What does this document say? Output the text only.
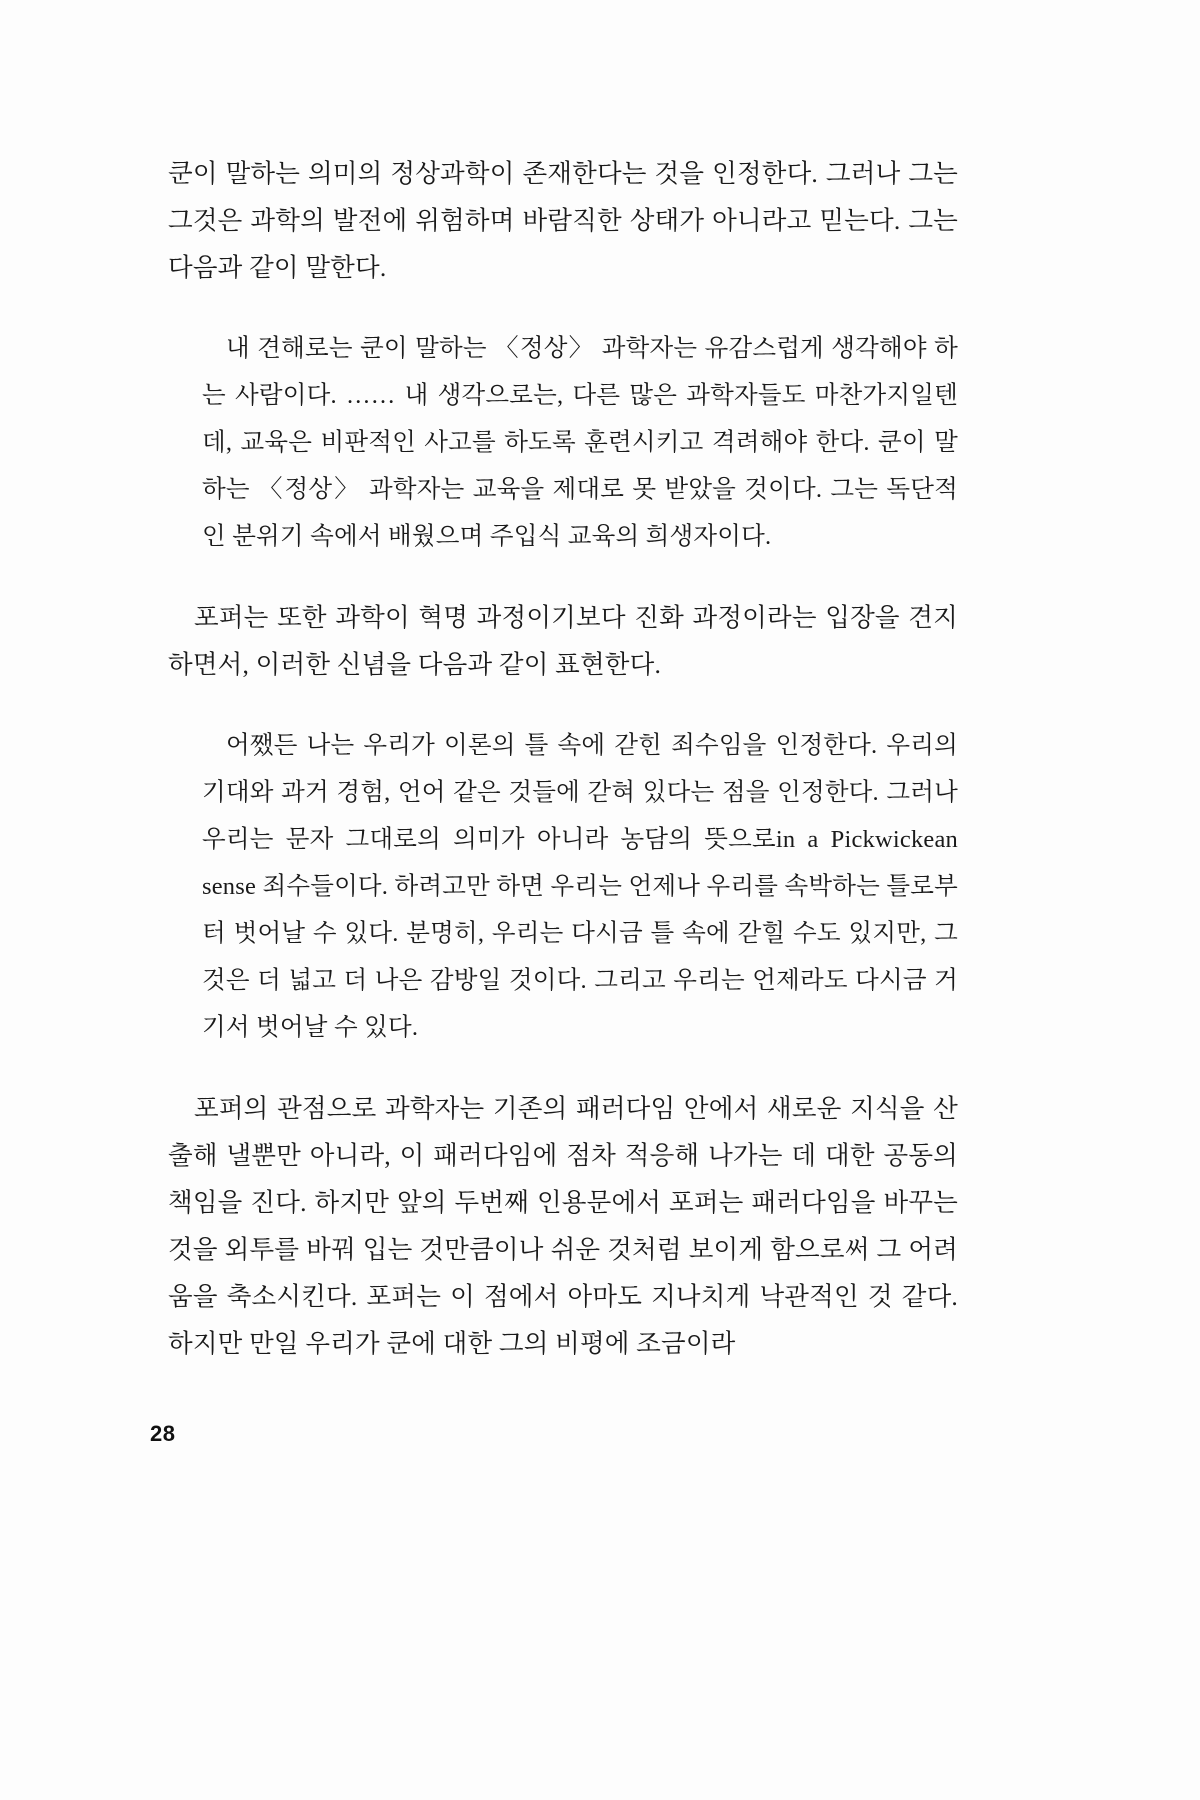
쿤이 말하는 의미의 정상과학이 존재한다는 것을 인정한다. 그러나 그는 그것은 과학의 발전에 위험하며 바람직한 상태가 아니라고 믿는다. 그는 다음과 같이 말한다.

내 견해로는 쿤이 말하는 〈정상〉 과학자는 유감스럽게 생각해야 하는 사람이다. …… 내 생각으로는, 다른 많은 과학자들도 마찬가지일텐데, 교육은 비판적인 사고를 하도록 훈련시키고 격려해야 한다. 쿤이 말하는 〈정상〉 과학자는 교육을 제대로 못 받았을 것이다. 그는 독단적인 분위기 속에서 배웠으며 주입식 교육의 희생자이다.

포퍼는 또한 과학이 혁명 과정이기보다 진화 과정이라는 입장을 견지하면서, 이러한 신념을 다음과 같이 표현한다.

어쨌든 나는 우리가 이론의 틀 속에 갇힌 죄수임을 인정한다. 우리의 기대와 과거 경험, 언어 같은 것들에 갇혀 있다는 점을 인정한다. 그러나 우리는 문자 그대로의 의미가 아니라 농담의 뜻으로in a Pickwickean sense 죄수들이다. 하려고만 하면 우리는 언제나 우리를 속박하는 틀로부터 벗어날 수 있다. 분명히, 우리는 다시금 틀 속에 갇힐 수도 있지만, 그것은 더 넓고 더 나은 감방일 것이다. 그리고 우리는 언제라도 다시금 거기서 벗어날 수 있다.

포퍼의 관점으로 과학자는 기존의 패러다임 안에서 새로운 지식을 산출해 낼뿐만 아니라, 이 패러다임에 점차 적응해 나가는 데 대한 공동의 책임을 진다. 하지만 앞의 두번째 인용문에서 포퍼는 패러다임을 바꾸는 것을 외투를 바꿔 입는 것만큼이나 쉬운 것처럼 보이게 함으로써 그 어려움을 축소시킨다. 포퍼는 이 점에서 아마도 지나치게 낙관적인 것 같다. 하지만 만일 우리가 쿤에 대한 그의 비평에 조금이라

28
